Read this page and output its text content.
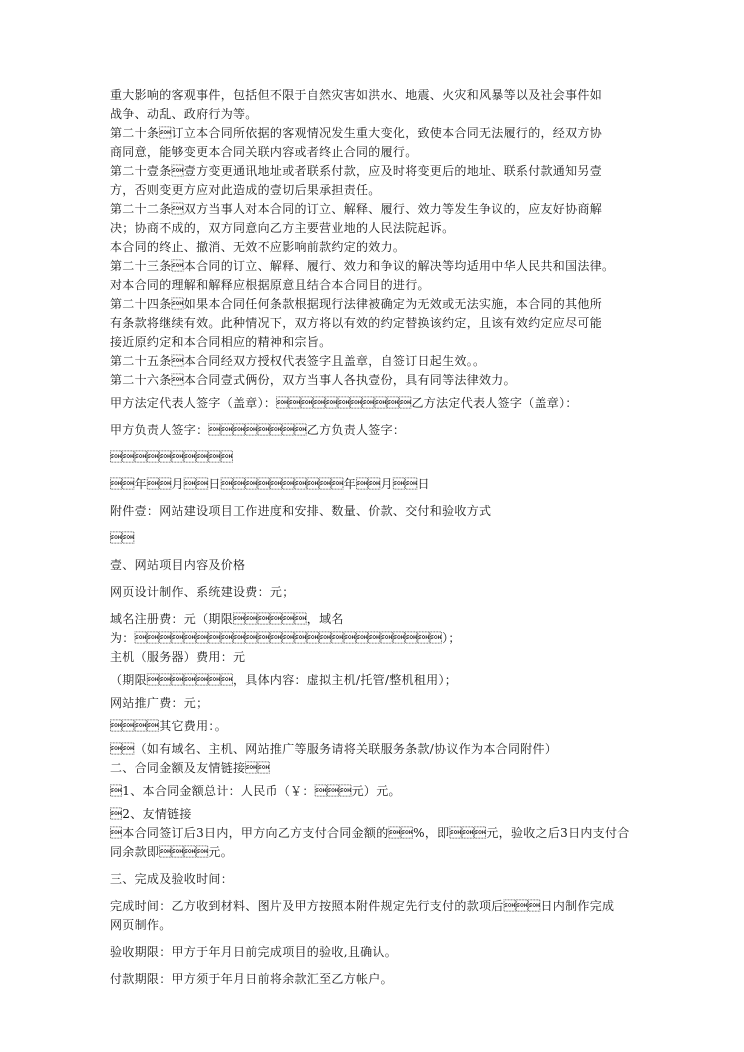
重大影响的客观事件，包括但不限于自然灾害如洪水、地震、火灾和风暴等以及社会事件如

战争、动乱、政府行为等。

第二十条订立本合同所依据的客观情况发生重大变化，致使本合同无法履行的，经双方协

商同意，能够变更本合同关联内容或者终止合同的履行。

第二十壹条壹方变更通讯地址或者联系付款，应及时将变更后的地址、联系付款通知另壹

方，否则变更方应对此造成的壹切后果承担责任。

第二十二条双方当事人对本合同的订立、解释、履行、效力等发生争议的，应友好协商解

决；协商不成的，双方同意向乙方主要营业地的人民法院起诉。

本合同的终止、撤消、无效不应影响前款约定的效力。

第二十三条本合同的订立、解释、履行、效力和争议的解决等均适用中华人民共和国法律。

对本合同的理解和解释应根据原意且结合本合同目的进行。

第二十四条如果本合同任何条款根据现行法律被确定为无效或无法实施，本合同的其他所

有条款将继续有效。此种情况下，双方将以有效的约定替换该约定，且该有效约定应尽可能

接近原约定和本合同相应的精神和宗旨。

第二十五条本合同经双方授权代表签字且盖章，自签订日起生效。。

第二十六条本合同壹式俩份，双方当事人各执壹份，具有同等法律效力。

甲方法定代表人签字（盖章）：乙方法定代表人签字（盖章）：

甲方负责人签字：乙方负责人签字：



年月日年月日

附件壹：网站建设项目工作进度和安排、数量、价款、交付和验收方式



壹、网站项目内容及价格

网页设计制作、系统建设费：元；

域名注册费：元（期限，域名为：）；

主机（服务器）费用：元

（期限，具体内容：虚拟主机/托管/整机租用）；

网站推广费：元；

其它费用：。

（如有域名、主机、网站推广等服务请将关联服务条款/协议作为本合同附件）

二、合同金额及友情链接

1、本合同金额总计：人民币（￥：元）元。

2、友情链接

本合同签订后3日内，甲方向乙方支付合同金额的%，即元，验收之后3日内支付合

同余款即元。

三、完成及验收时间：

完成时间：乙方收到材料、图片及甲方按照本附件规定先行支付的款项后日内制作完成

网页制作。

验收期限：甲方于年月日前完成项目的验收,且确认。

付款期限：甲方须于年月日前将余款汇至乙方帐户。
